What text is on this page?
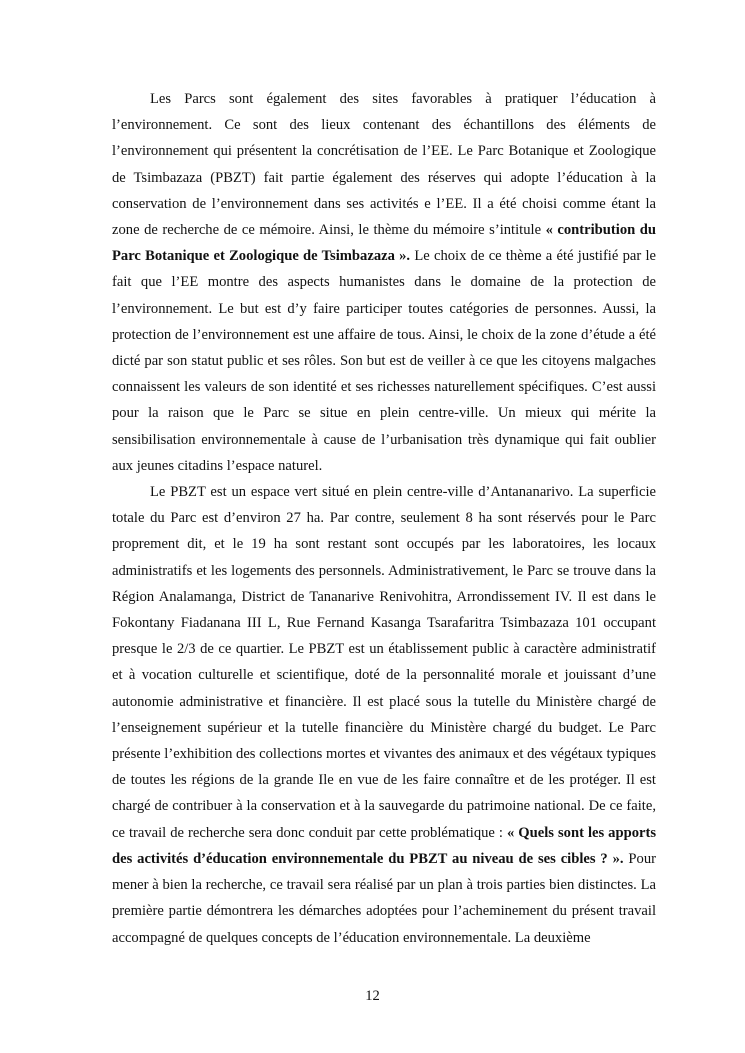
Les Parcs sont également des sites favorables à pratiquer l’éducation à l’environnement. Ce sont des lieux contenant des échantillons des éléments de l’environnement qui présentent la concrétisation de l’EE. Le Parc Botanique et Zoologique de Tsimbazaza (PBZT) fait partie également des réserves qui adopte l’éducation à la conservation de l’environnement dans ses activités e l’EE. Il a été choisi comme étant la zone de recherche de ce mémoire. Ainsi, le thème du mémoire s’intitule « contribution du Parc Botanique et Zoologique de Tsimbazaza ». Le choix de ce thème a été justifié par le fait que l’EE montre des aspects humanistes dans le domaine de la protection de l’environnement. Le but est d’y faire participer toutes catégories de personnes. Aussi, la protection de l’environnement est une affaire de tous. Ainsi, le choix de la zone d’étude a été dicté par son statut public et ses rôles. Son but est de veiller à ce que les citoyens malgaches connaissent les valeurs de son identité et ses richesses naturellement spécifiques. C’est aussi pour la raison que le Parc se situe en plein centre-ville. Un mieux qui mérite la sensibilisation environnementale à cause de l’urbanisation très dynamique qui fait oublier aux jeunes citadins l’espace naturel.

Le PBZT est un espace vert situé en plein centre-ville d’Antananarivo. La superficie totale du Parc est d’environ 27 ha. Par contre, seulement 8 ha sont réservés pour le Parc proprement dit, et le 19 ha sont restant sont occupés par les laboratoires, les locaux administratifs et les logements des personnels. Administrativement, le Parc se trouve dans la Région Analamanga, District de Tananarive Renivohitra, Arrondissement IV. Il est dans le Fokontany Fiadanana III L, Rue Fernand Kasanga Tsarafaritra Tsimbazaza 101 occupant presque le 2/3 de ce quartier. Le PBZT est un établissement public à caractère administratif et à vocation culturelle et scientifique, doté de la personnalité morale et jouissant d’une autonomie administrative et financière. Il est placé sous la tutelle du Ministère chargé de l’enseignement supérieur et la tutelle financière du Ministère chargé du budget. Le Parc présente l’exhibition des collections mortes et vivantes des animaux et des végétaux typiques de toutes les régions de la grande Ile en vue de les faire connaître et de les protéger. Il est chargé de contribuer à la conservation et à la sauvegarde du patrimoine national. De ce faite, ce travail de recherche sera donc conduit par cette problématique : « Quels sont les apports des activités d’éducation environnementale du PBZT au niveau de ses cibles ? ». Pour mener à bien la recherche, ce travail sera réalisé par un plan à trois parties bien distinctes. La première partie démontrera les démarches adoptées pour l’acheminement du présent travail accompagné de quelques concepts de l’éducation environnementale. La deuxième

12
